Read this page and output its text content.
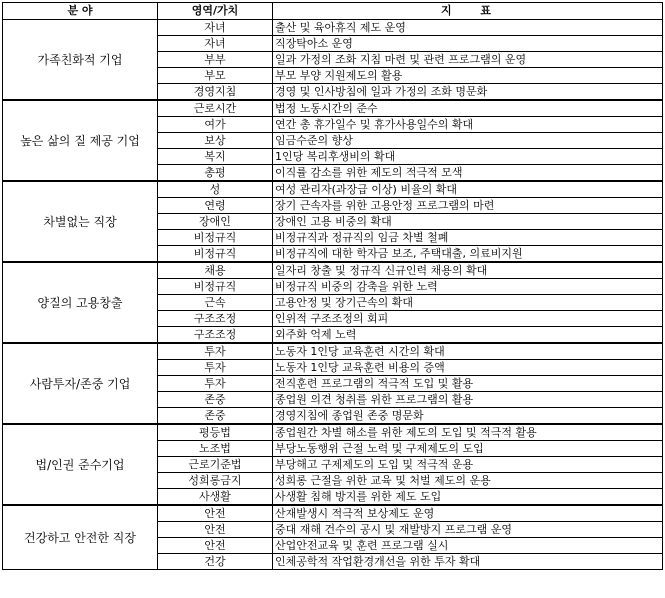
분 야	영역/가치	지 표
가족친화적 기업	자녀	출산 및 육아휴직 제도 운영
	자녀	직장탁아소 운영
	부부	일과 가정의 조화 지침 마련 및 관련 프로그램의 운영
	부모	부모 부양 지원제도의 활용
	경영지침	경영 및 인사방침에 일과 가정의 조화 명문화
높은 삶의 질 제공 기업	근로시간	법정 노동시간의 준수
	여가	연간 총 휴가일수 및 휴가사용일수의 확대
	보상	임금수준의 향상
	복지	1인당 복리후생비의 확대
	총평	이직률 감소를 위한 제도의 적극적 모색
차별없는 직장	성	여성 관리자(과장급 이상) 비율의 확대
	연령	장기 근속자를 위한 고용안정 프로그램의 마련
	장애인	장애인 고용 비중의 확대
	비정규직	비정규직과 정규직의 임금 차별 철폐
	비정규직	비정규직에 대한 학자금 보조, 주택대출, 의료비지원
양질의 고용창출	채용	일자리 창출 및 정규직 신규인력 채용의 확대
	비정규직	비정규직 비중의 감축을 위한 노력
	근속	고용안정 및 장기근속의 확대
	구조조정	인위적 구조조정의 회피
	구조조정	외주화 억제 노력
사람투자/존중 기업	투자	노동자 1인당 교육훈련 시간의 확대
	투자	노동자 1인당 교육훈련 비용의 증액
	투자	전직훈련 프로그램의 적극적 도입 및 활용
	존중	종업원 의견 청취를 위한 프로그램의 활용
	존중	경영지침에 종업원 존중 명문화
법/인권 준수기업	평등법	종업원간 차별 해소를 위한 제도의 도입 및 적극적 활용
	노조법	부당노동행위 근절 노력 및 구제제도의 도입
	근로기준법	부당해고 구제제도의 도입 및 적극적 운용
	성희롱금지	성희롱 근절을 위한 교육 및 처벌 제도의 운용
	사생활	사생활 침해 방지를 위한 제도 도입
건강하고 안전한 직장	안전	산재발생시 적극적 보상제도 운영
	안전	중대 재해 건수의 공시 및 재발방지 프로그램 운영
	안전	산업안전교육 및 훈련 프로그램 실시
	건강	인체공학적 작업환경개선을 위한 투자 확대
